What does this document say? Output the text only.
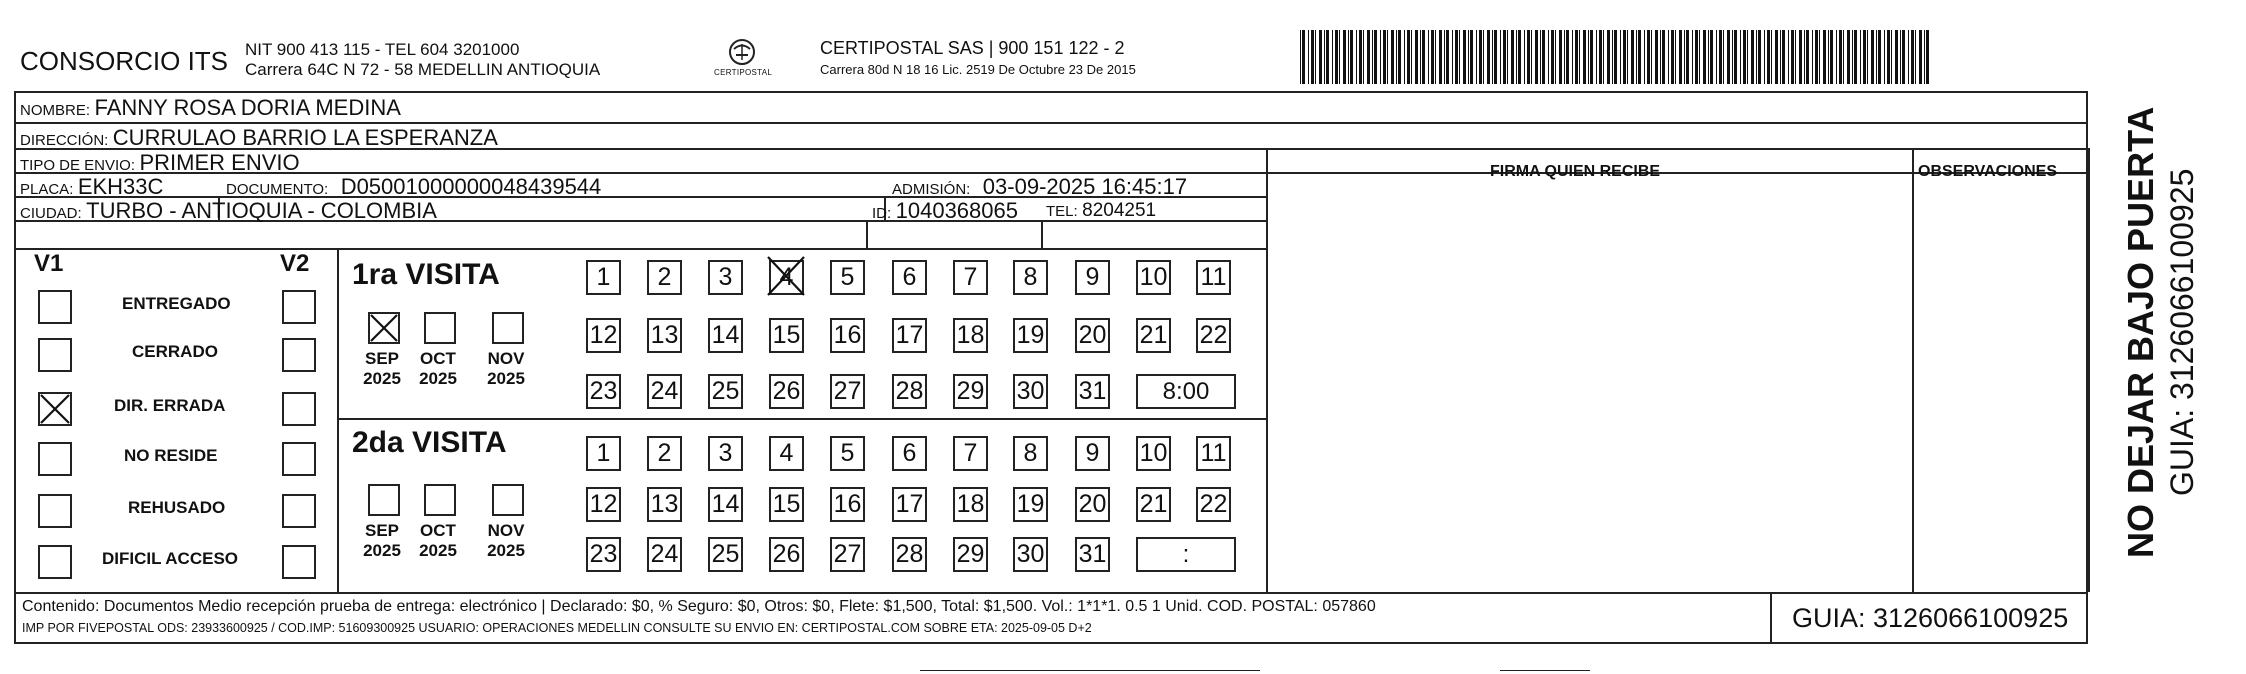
CONSORCIO ITS NIT 900 413 115 - TEL 604 3201000
Carrera 64C N 72 - 58 MEDELLIN ANTIOQUIA	CERTIPOSTAL
CERTIPOSTAL SAS | 900 151 122 - 2
Carrera 80d N 18 16 Lic. 2519 De Octubre 23 De 2015
NOMBRE: FANNY ROSA DORIA MEDINA
DIRECCIÓN: CURRULAO BARRIO LA ESPERANZA
TIPO DE ENVIO: PRIMER ENVIO	FIRMA QUIEN RECIBE	OBSERVACIONES
PLACA: EKH33C	DOCUMENTO: D05001000000048439544	ADMISIÓN: 03-09-2025 16:45:17
CIUDAD: TURBO - ANTIOQUIA - COLOMBIA	ID: 1040368065 TEL: 8204251
V1	V2
ENTREGADO
CERRADO
DIR. ERRADA
NO RESIDE
REHUSADO
DIFICIL ACCESO
1ra VISITA
2da VISITA
SEP
2025
OCT
2025
NOV
2025
1	2	3	4	5	6	7	8	9	10 11
12 13 14 15 16 17 18 19 20 21 22
23 24 25 26 27 28 29 30 31	8:00
SEP
2025
OCT
2025
NOV
2025
1	2	3	4	5	6	7	8	9	10 11
12 13 14 15 16 17 18 19 20 21 22
23 24 25 26 27 28 29 30 31	:
Contenido: Documentos Medio recepción prueba de entrega: electrónico | Declarado: $0, % Seguro: $0, Otros: $0, Flete: $1,500, Total: $1,500. Vol.: 1*1*1. 0.5 1 Unid. COD. POSTAL: 057860
IMP POR FIVEPOSTAL ODS: 23933600925 / COD.IMP: 51609300925 USUARIO: OPERACIONES MEDELLIN CONSULTE SU ENVIO EN: CERTIPOSTAL.COM SOBRE ETA: 2025-09-05 D+2	GUIA: 3126066100925
NO DEJAR BAJO PUERTA GUIA: 3126066100925
